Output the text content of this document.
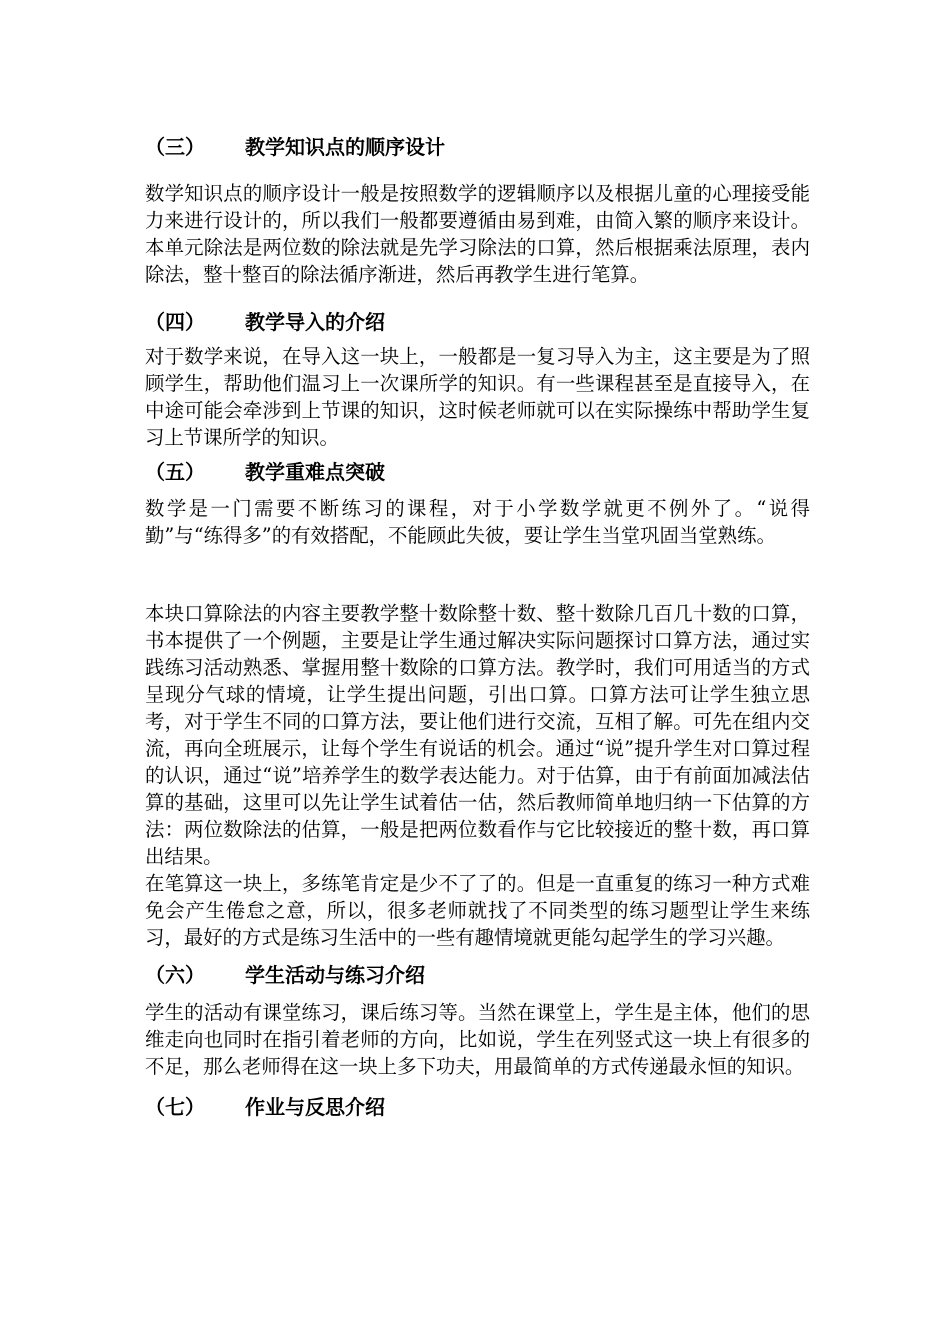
（三）	教学知识点的顺序设计

数学知识点的顺序设计一般是按照数学的逻辑顺序以及根据儿童的心理接受能力来进行设计的，所以我们一般都要遵循由易到难，由简入繁的顺序来设计。本单元除法是两位数的除法就是先学习除法的口算，然后根据乘法原理，表内除法，整十整百的除法循序渐进，然后再教学生进行笔算。

（四）	教学导入的介绍

对于数学来说，在导入这一块上，一般都是一复习导入为主，这主要是为了照顾学生，帮助他们温习上一次课所学的知识。有一些课程甚至是直接导入，在中途可能会牵涉到上节课的知识，这时候老师就可以在实际操练中帮助学生复习上节课所学的知识。

（五）	教学重难点突破

数学是一门需要不断练习的课程，对于小学数学就更不例外了。“说得勤”与“练得多”的有效搭配，不能顾此失彼，要让学生当堂巩固当堂熟练。

本块口算除法的内容主要教学整十数除整十数、整十数除几百几十数的口算，书本提供了一个例题，主要是让学生通过解决实际问题探讨口算方法，通过实践练习活动熟悉、掌握用整十数除的口算方法。教学时，我们可用适当的方式呈现分气球的情境，让学生提出问题，引出口算。口算方法可让学生独立思考，对于学生不同的口算方法，要让他们进行交流，互相了解。可先在组内交流，再向全班展示，让每个学生有说话的机会。通过“说”提升学生对口算过程的认识，通过“说”培养学生的数学表达能力。对于估算，由于有前面加减法估算的基础，这里可以先让学生试着估一估，然后教师简单地归纳一下估算的方法：两位数除法的估算，一般是把两位数看作与它比较接近的整十数，再口算出结果。

在笔算这一块上，多练笔肯定是少不了了的。但是一直重复的练习一种方式难免会产生倦怠之意，所以，很多老师就找了不同类型的练习题型让学生来练习，最好的方式是练习生活中的一些有趣情境就更能勾起学生的学习兴趣。

（六）	学生活动与练习介绍

学生的活动有课堂练习，课后练习等。当然在课堂上，学生是主体，他们的思维走向也同时在指引着老师的方向，比如说，学生在列竖式这一块上有很多的不足，那么老师得在这一块上多下功夫，用最简单的方式传递最永恒的知识。

（七）	作业与反思介绍
